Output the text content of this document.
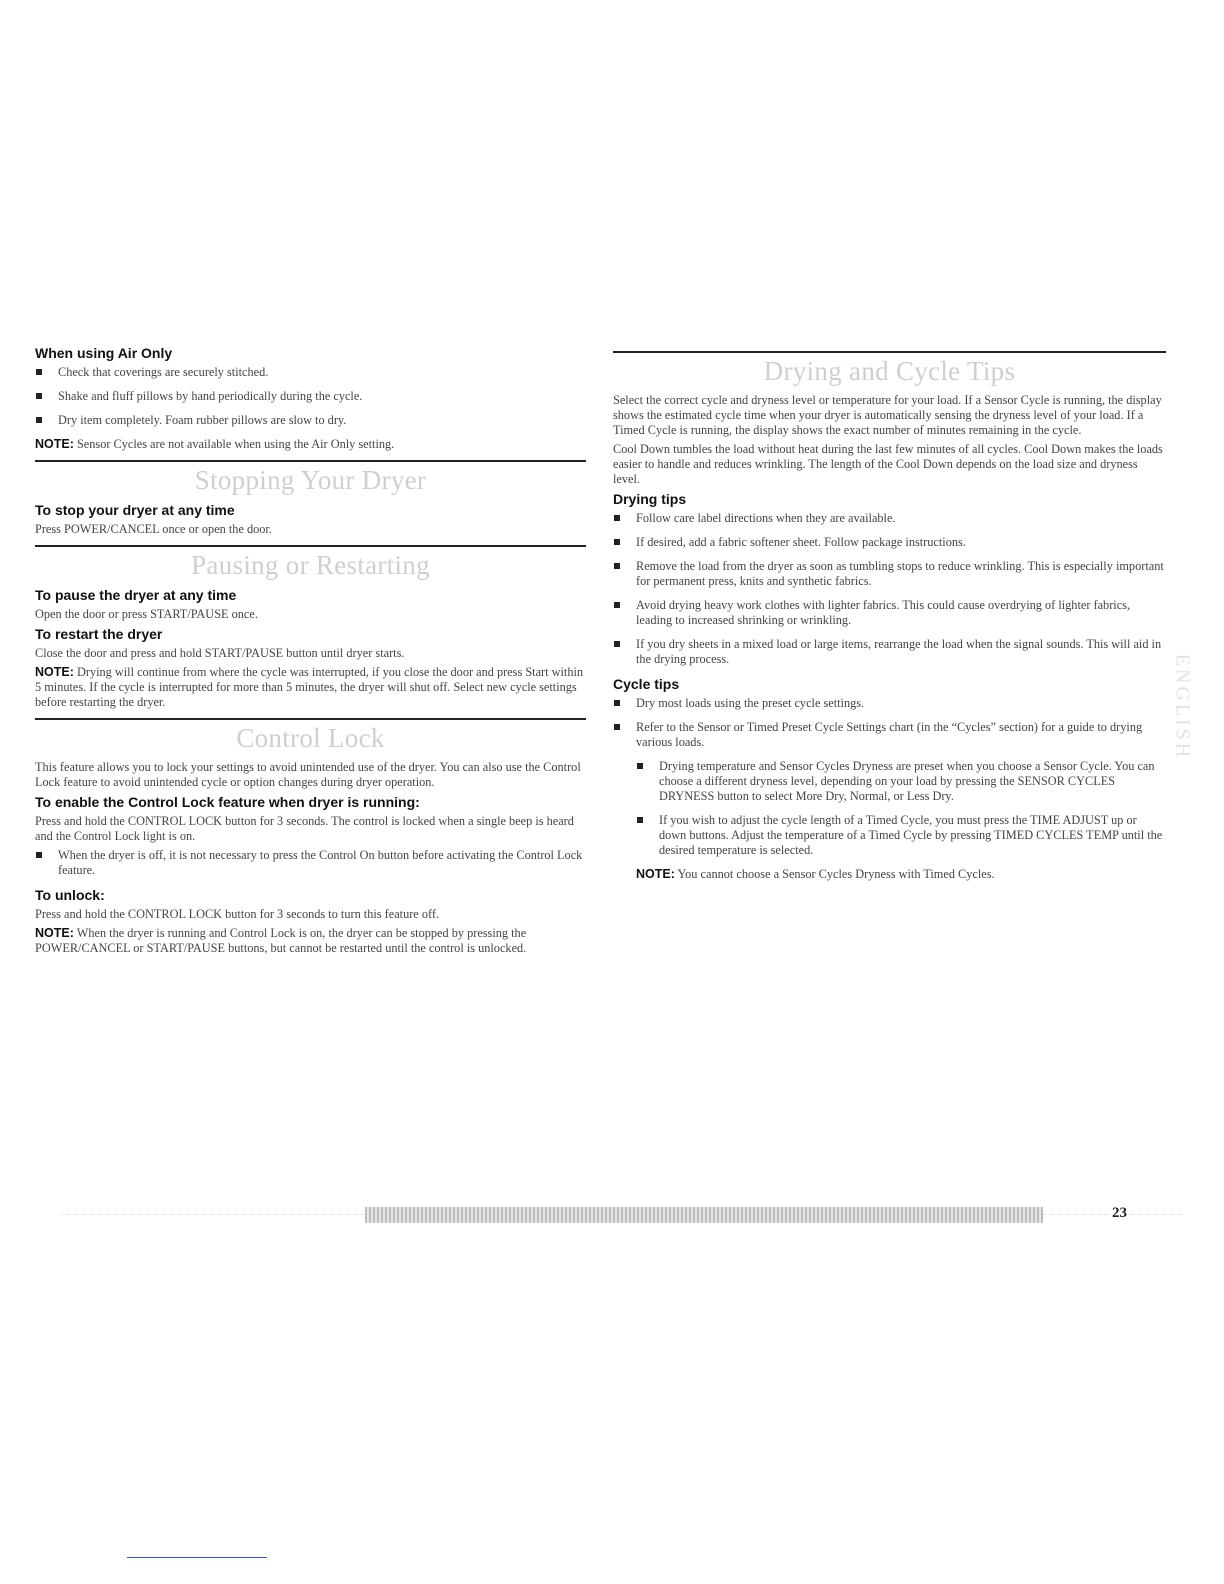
When using Air Only
Check that coverings are securely stitched.
Shake and fluff pillows by hand periodically during the cycle.
Dry item completely. Foam rubber pillows are slow to dry.

NOTE: Sensor Cycles are not available when using the Air Only setting.

Stopping Your Dryer
To stop your dryer at any time

Press POWER/CANCEL once or open the door.

Pausing or Restarting
To pause the dryer at any time

Open the door or press START/PAUSE once.

To restart the dryer

Close the door and press and hold START/PAUSE button until dryer starts.

NOTE: Drying will continue from where the cycle was interrupted, if you close the door and press Start within 5 minutes. If the cycle is interrupted for more than 5 minutes, the dryer will shut off. Select new cycle settings before restarting the dryer.

Control Lock

This feature allows you to lock your settings to avoid unintended use of the dryer. You can also use the Control Lock feature to avoid unintended cycle or option changes during dryer operation.

To enable the Control Lock feature when dryer is running:

Press and hold the CONTROL LOCK button for 3 seconds. The control is locked when a single beep is heard and the Control Lock light is on.

When the dryer is off, it is not necessary to press the Control On button before activating the Control Lock feature.
To unlock:

Press and hold the CONTROL LOCK button for 3 seconds to turn this feature off.

NOTE: When the dryer is running and Control Lock is on, the dryer can be stopped by pressing the POWER/CANCEL or START/PAUSE buttons, but cannot be restarted until the control is unlocked.

Drying and Cycle Tips

Select the correct cycle and dryness level or temperature for your load. If a Sensor Cycle is running, the display shows the estimated cycle time when your dryer is automatically sensing the dryness level of your load. If a Timed Cycle is running, the display shows the exact number of minutes remaining in the cycle.

Cool Down tumbles the load without heat during the last few minutes of all cycles. Cool Down makes the loads easier to handle and reduces wrinkling. The length of the Cool Down depends on the load size and dryness level.

Drying tips
Follow care label directions when they are available.
If desired, add a fabric softener sheet. Follow package instructions.
Remove the load from the dryer as soon as tumbling stops to reduce wrinkling. This is especially important for permanent press, knits and synthetic fabrics.
Avoid drying heavy work clothes with lighter fabrics. This could cause overdrying of lighter fabrics, leading to increased shrinking or wrinkling.
If you dry sheets in a mixed load or large items, rearrange the load when the signal sounds. This will aid in the drying process.
Cycle tips
Dry most loads using the preset cycle settings.
Refer to the Sensor or Timed Preset Cycle Settings chart (in the “Cycles” section) for a guide to drying various loads.
Drying temperature and Sensor Cycles Dryness are preset when you choose a Sensor Cycle. You can choose a different dryness level, depending on your load by pressing the SENSOR CYCLES DRYNESS button to select More Dry, Normal, or Less Dry.
If you wish to adjust the cycle length of a Timed Cycle, you must press the TIME ADJUST up or down buttons. Adjust the temperature of a Timed Cycle by pressing TIMED CYCLES TEMP until the desired temperature is selected.

NOTE: You cannot choose a Sensor Cycles Dryness with Timed Cycles.

ENGLISH
23
